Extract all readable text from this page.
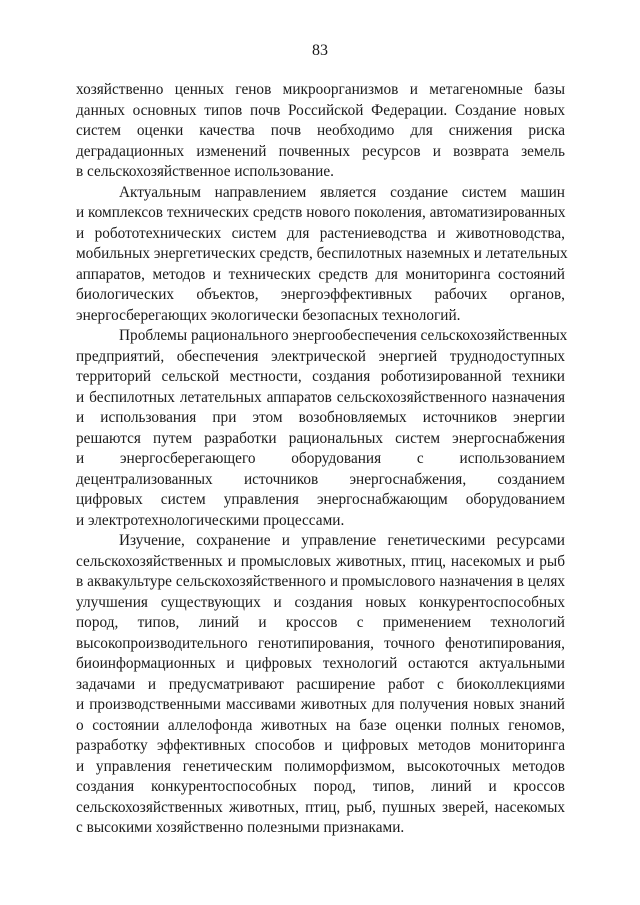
83
хозяйственно ценных генов микроорганизмов и метагеномные базы
данных основных типов почв Российской Федерации. Создание новых
систем оценки качества почв необходимо для снижения риска
деградационных изменений почвенных ресурсов и возврата земель
в сельскохозяйственное использование.
Актуальным направлением является создание систем машин
и комплексов технических средств нового поколения, автоматизированных
и робототехнических систем для растениеводства и животноводства,
мобильных энергетических средств, беспилотных наземных и летательных
аппаратов, методов и технических средств для мониторинга состояний
биологических объектов, энергоэффективных рабочих органов,
энергосберегающих экологически безопасных технологий.
Проблемы рационального энергообеспечения сельскохозяйственных
предприятий, обеспечения электрической энергией труднодоступных
территорий сельской местности, создания роботизированной техники
и беспилотных летательных аппаратов сельскохозяйственного назначения
и использования при этом возобновляемых источников энергии
решаются путем разработки рациональных систем энергоснабжения
и энергосберегающего оборудования с использованием
децентрализованных источников энергоснабжения, созданием
цифровых систем управления энергоснабжающим оборудованием
и электротехнологическими процессами.
Изучение, сохранение и управление генетическими ресурсами
сельскохозяйственных и промысловых животных, птиц, насекомых и рыб
в аквакультуре сельскохозяйственного и промыслового назначения в целях
улучшения существующих и создания новых конкурентоспособных
пород, типов, линий и кроссов с применением технологий
высокопроизводительного генотипирования, точного фенотипирования,
биоинформационных и цифровых технологий остаются актуальными
задачами и предусматривают расширение работ с биоколлекциями
и производственными массивами животных для получения новых знаний
о состоянии аллелофонда животных на базе оценки полных геномов,
разработку эффективных способов и цифровых методов мониторинга
и управления генетическим полиморфизмом, высокоточных методов
создания конкурентоспособных пород, типов, линий и кроссов
сельскохозяйственных животных, птиц, рыб, пушных зверей, насекомых
с высокими хозяйственно полезными признаками.
